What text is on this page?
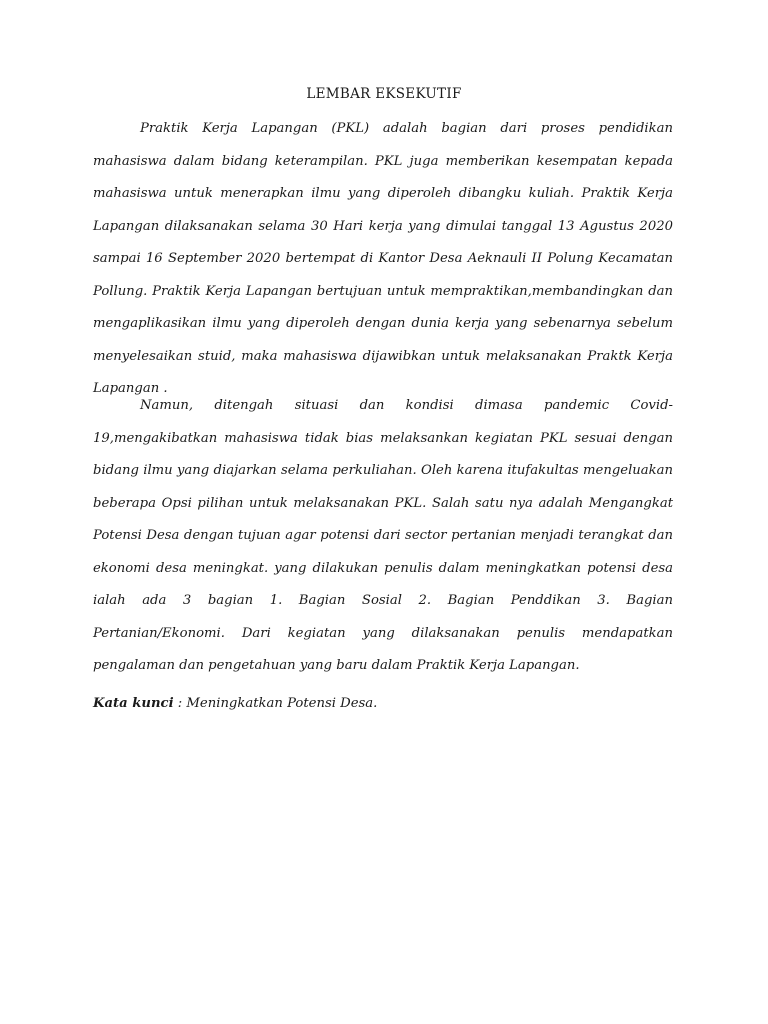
LEMBAR EKSEKUTIF

Praktik Kerja Lapangan (PKL) adalah bagian dari proses pendidikan mahasiswa dalam bidang keterampilan. PKL juga memberikan kesempatan kepada mahasiswa untuk menerapkan ilmu yang diperoleh dibangku kuliah. Praktik Kerja Lapangan dilaksanakan selama 30 Hari kerja yang dimulai tanggal 13 Agustus 2020 sampai 16 September 2020 bertempat di Kantor Desa Aeknauli II Polung Kecamatan Pollung. Praktik Kerja Lapangan bertujuan untuk mempraktikan,membandingkan dan mengaplikasikan ilmu yang diperoleh dengan dunia kerja yang sebenarnya sebelum menyelesaikan stuid, maka mahasiswa dijawibkan untuk melaksanakan Praktk Kerja Lapangan .

Namun, ditengah situasi dan kondisi dimasa pandemic Covid-19,mengakibatkan mahasiswa tidak bias melaksankan kegiatan PKL sesuai dengan bidang ilmu yang diajarkan selama perkuliahan. Oleh karena itufakultas mengeluakan beberapa Opsi pilihan untuk melaksanakan PKL. Salah satu nya adalah Mengangkat Potensi Desa dengan tujuan agar potensi dari sector pertanian menjadi terangkat dan ekonomi desa meningkat. yang dilakukan penulis dalam meningkatkan potensi desa ialah ada 3 bagian 1. Bagian Sosial 2. Bagian Penddikan 3. Bagian Pertanian/Ekonomi. Dari kegiatan yang dilaksanakan penulis mendapatkan pengalaman dan pengetahuan yang baru dalam Praktik Kerja Lapangan.

Kata kunci : Meningkatkan Potensi Desa.
